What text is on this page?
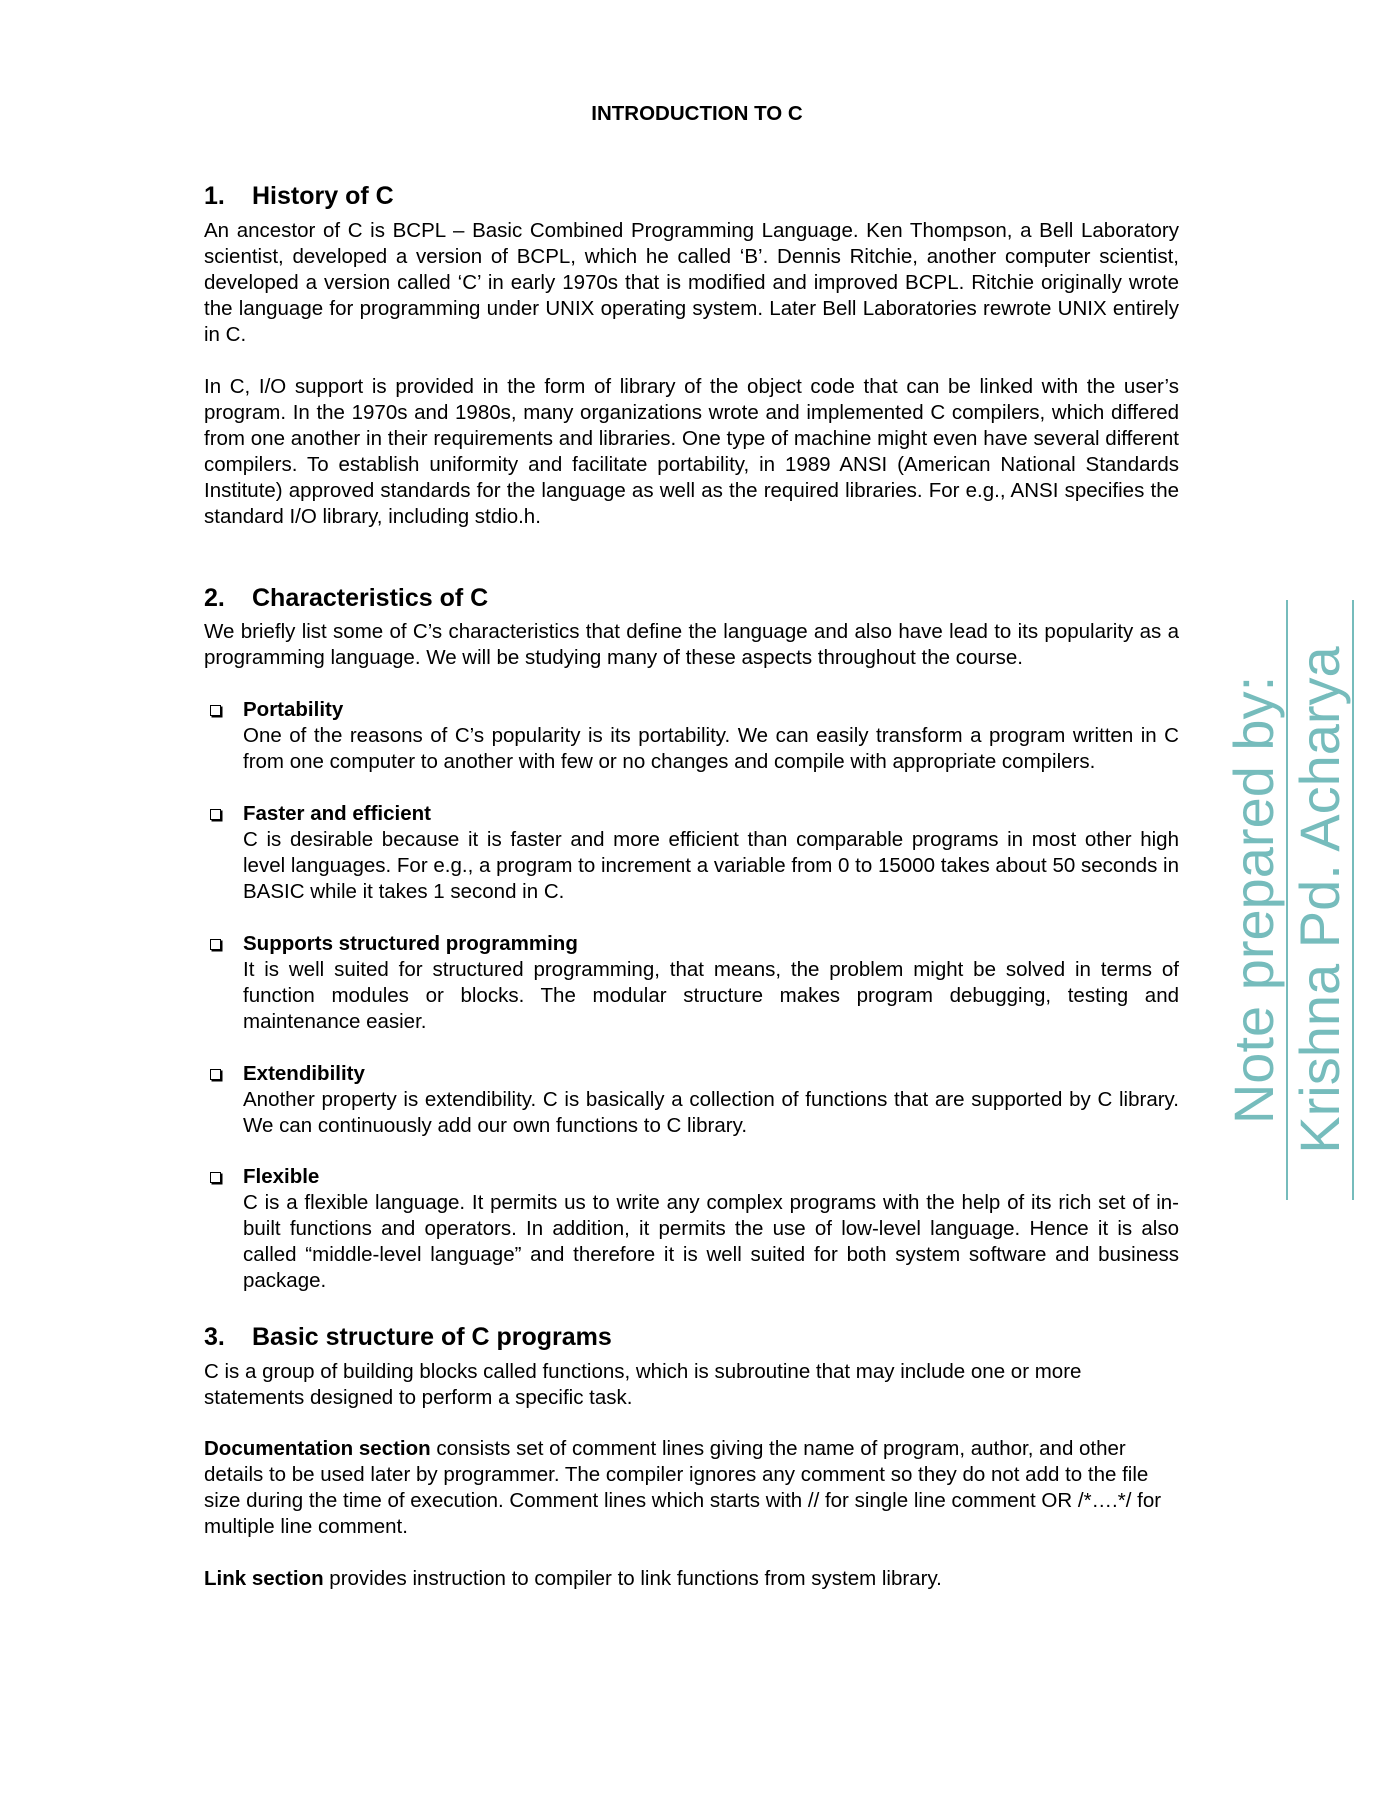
INTRODUCTION TO C
1. History of C
An ancestor of C is BCPL – Basic Combined Programming Language. Ken Thompson, a Bell Laboratory scientist, developed a version of BCPL, which he called ‘B’. Dennis Ritchie, another computer scientist, developed a version called ‘C’ in early 1970s that is modified and improved BCPL. Ritchie originally wrote the language for programming under UNIX operating system. Later Bell Laboratories rewrote UNIX entirely in C.
In C, I/O support is provided in the form of library of the object code that can be linked with the user’s program. In the 1970s and 1980s, many organizations wrote and implemented C compilers, which differed from one another in their requirements and libraries. One type of machine might even have several different compilers. To establish uniformity and facilitate portability, in 1989 ANSI (American National Standards Institute) approved standards for the language as well as the required libraries. For e.g., ANSI specifies the standard I/O library, including stdio.h.
2. Characteristics of C
We briefly list some of C’s characteristics that define the language and also have lead to its popularity as a programming language. We will be studying many of these aspects throughout the course.
Portability
One of the reasons of C’s popularity is its portability. We can easily transform a program written in C from one computer to another with few or no changes and compile with appropriate compilers.
Faster and efficient
C is desirable because it is faster and more efficient than comparable programs in most other high level languages. For e.g., a program to increment a variable from 0 to 15000 takes about 50 seconds in BASIC while it takes 1 second in C.
Supports structured programming
It is well suited for structured programming, that means, the problem might be solved in terms of function modules or blocks. The modular structure makes program debugging, testing and maintenance easier.
Extendibility
Another property is extendibility. C is basically a collection of functions that are supported by C library. We can continuously add our own functions to C library.
Flexible
C is a flexible language. It permits us to write any complex programs with the help of its rich set of in-built functions and operators. In addition, it permits the use of low-level language. Hence it is also called “middle-level language” and therefore it is well suited for both system software and business package.
3. Basic structure of C programs
C is a group of building blocks called functions, which is subroutine that may include one or more statements designed to perform a specific task.
Documentation section consists set of comment lines giving the name of program, author, and other details to be used later by programmer. The compiler ignores any comment so they do not add to the file size during the time of execution. Comment lines which starts with // for single line comment OR /*….*/ for multiple line comment.
Link section provides instruction to compiler to link functions from system library.
Note prepared by: Krishna Pd. Acharya
